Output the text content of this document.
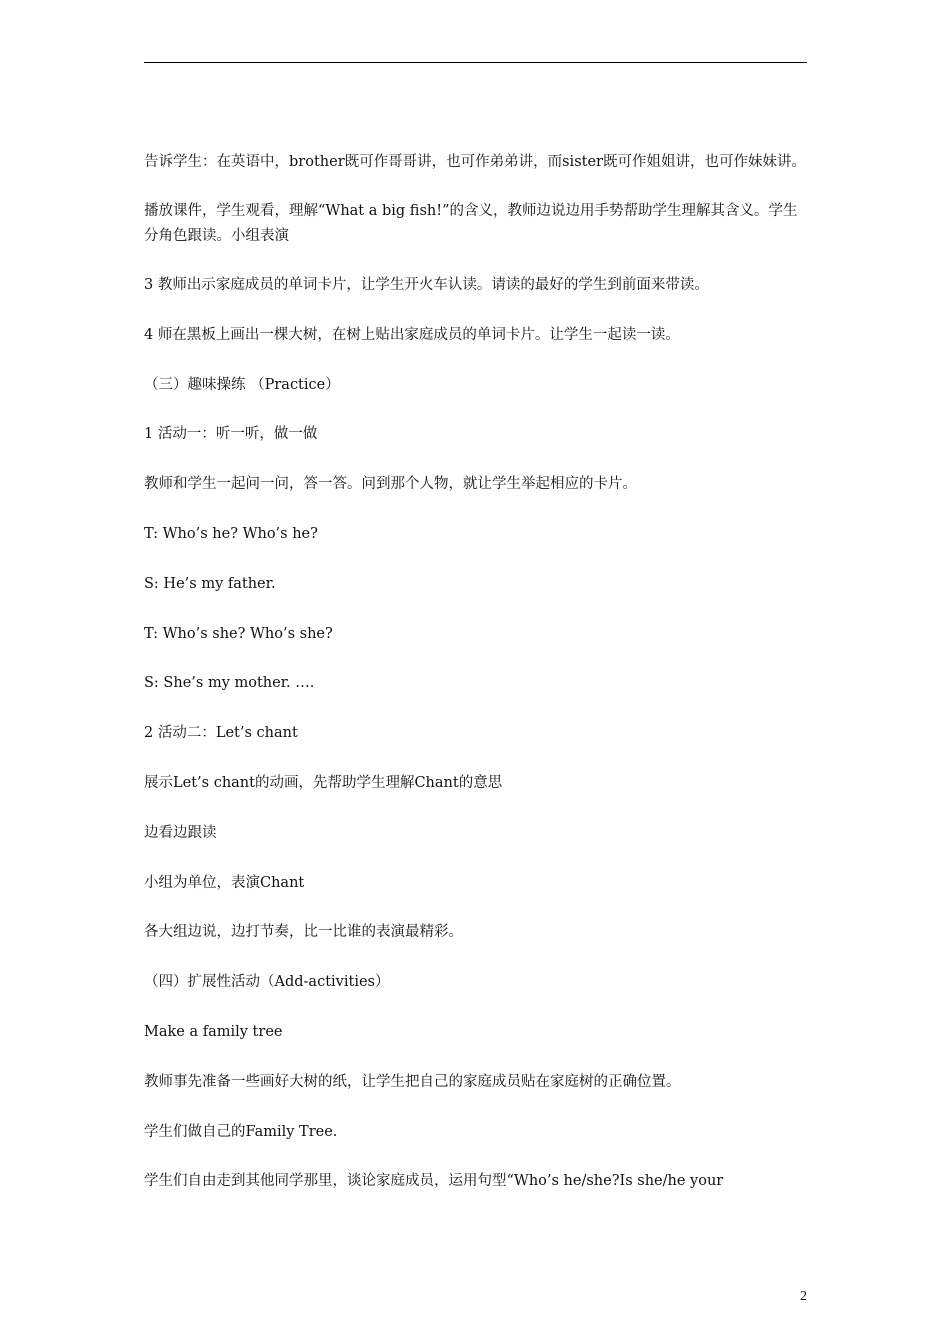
告诉学生：在英语中，brother既可作哥哥讲，也可作弟弟讲，而sister既可作姐姐讲，也可作妹妹讲。

播放课件，学生观看，理解“What a big fish!”的含义，教师边说边用手势帮助学生理解其含义。学生分角色跟读。小组表演

3 教师出示家庭成员的单词卡片，让学生开火车认读。请读的最好的学生到前面来带读。

4 师在黑板上画出一棵大树，在树上贴出家庭成员的单词卡片。让学生一起读一读。

（三）趣味操练 （Practice）

1 活动一：听一听，做一做

教师和学生一起问一问，答一答。问到那个人物，就让学生举起相应的卡片。

T: Who’s he? Who’s he?

S: He’s my father.

T: Who’s she? Who’s she?

S: She’s my mother. ….

2 活动二：Let’s chant

展示Let’s chant的动画，先帮助学生理解Chant的意思

边看边跟读

小组为单位，表演Chant

各大组边说，边打节奏，比一比谁的表演最精彩。

（四）扩展性活动（Add-activities）

Make a family tree

教师事先准备一些画好大树的纸，让学生把自己的家庭成员贴在家庭树的正确位置。

学生们做自己的Family Tree.

学生们自由走到其他同学那里，谈论家庭成员，运用句型“Who’s he/she?Is she/he your

2
